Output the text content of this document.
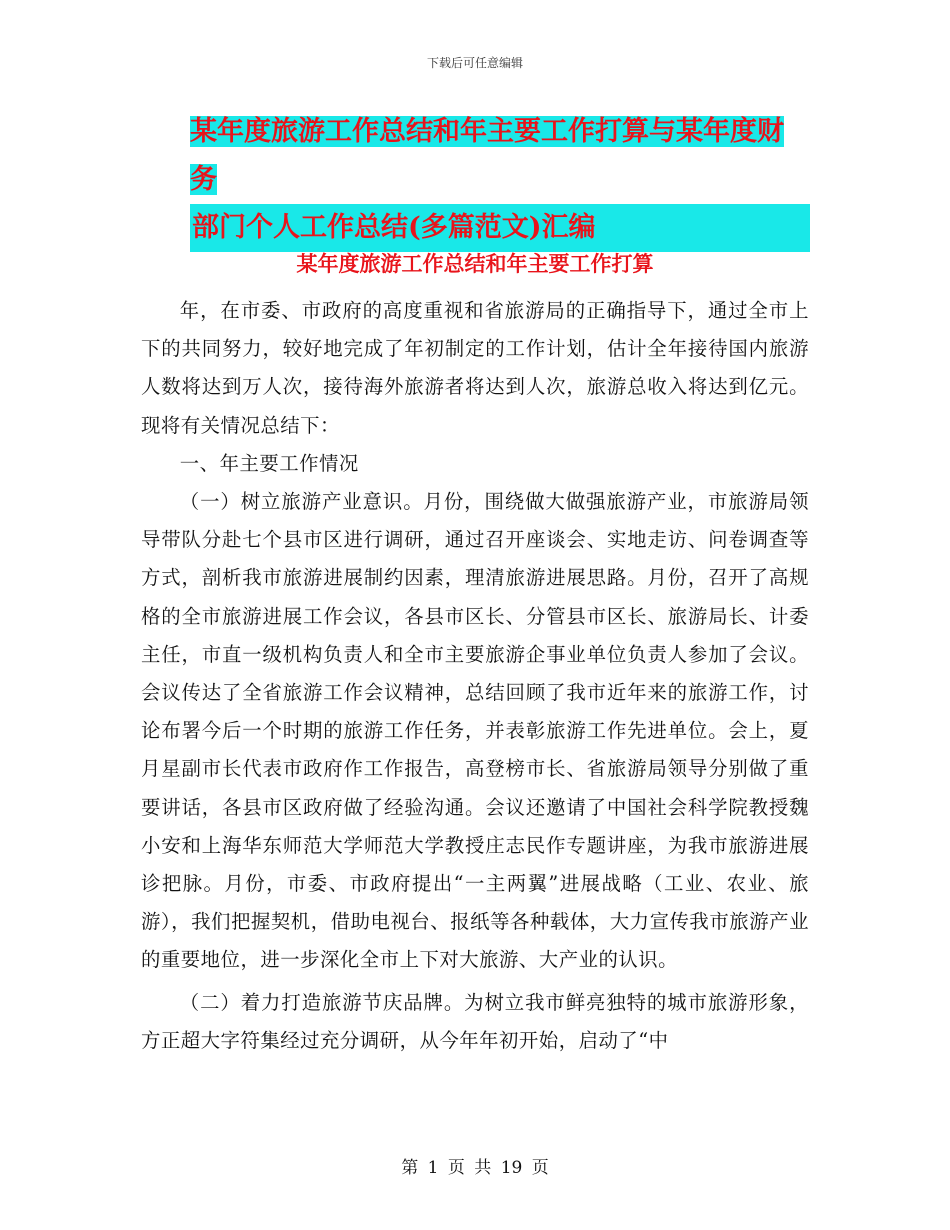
下载后可任意编辑
某年度旅游工作总结和年主要工作打算与某年度财务
部门个人工作总结(多篇范文)汇编
某年度旅游工作总结和年主要工作打算

年，在市委、市政府的高度重视和省旅游局的正确指导下，通过全市上下的共同努力，较好地完成了年初制定的工作计划，估计全年接待国内旅游人数将达到万人次，接待海外旅游者将达到人次，旅游总收入将达到亿元。现将有关情况总结下：

一、年主要工作情况

（一）树立旅游产业意识。月份，围绕做大做强旅游产业，市旅游局领导带队分赴七个县市区进行调研，通过召开座谈会、实地走访、问卷调查等方式，剖析我市旅游进展制约因素，理清旅游进展思路。月份，召开了高规格的全市旅游进展工作会议，各县市区长、分管县市区长、旅游局长、计委主任，市直一级机构负责人和全市主要旅游企事业单位负责人参加了会议。会议传达了全省旅游工作会议精神，总结回顾了我市近年来的旅游工作，讨论布署今后一个时期的旅游工作任务，并表彰旅游工作先进单位。会上，夏月星副市长代表市政府作工作报告，高登榜市长、省旅游局领导分别做了重要讲话，各县市区政府做了经验沟通。会议还邀请了中国社会科学院教授魏小安和上海华东师范大学师范大学教授庄志民作专题讲座，为我市旅游进展诊把脉。月份，市委、市政府提出“一主两翼”进展战略（工业、农业、旅游），我们把握契机，借助电视台、报纸等各种载体，大力宣传我市旅游产业的重要地位，进一步深化全市上下对大旅游、大产业的认识。

（二）着力打造旅游节庆品牌。为树立我市鲜亮独特的城市旅游形象，方正超大字符集经过充分调研，从今年年初开始，启动了“中

第 1 页 共 19 页
